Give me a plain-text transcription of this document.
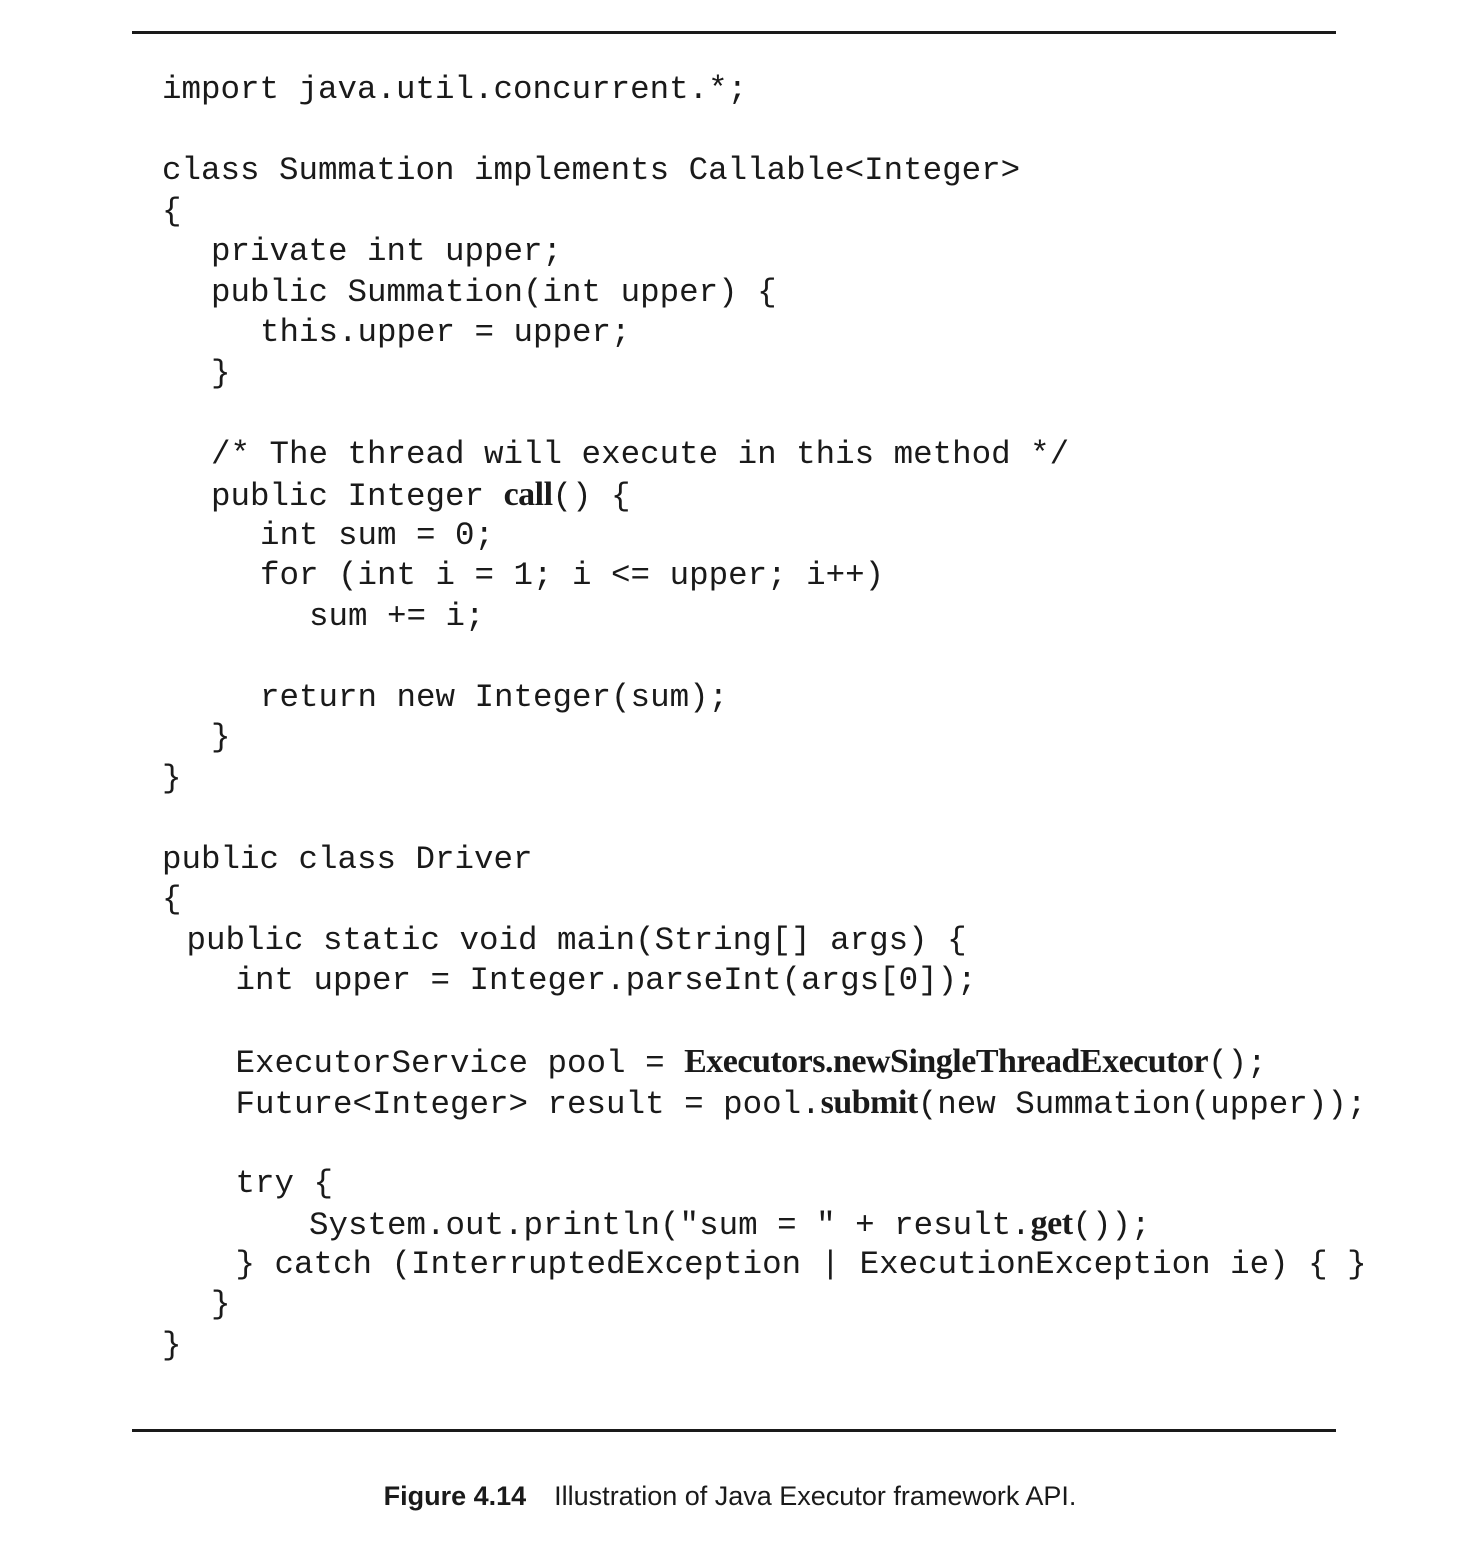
import java.util.concurrent.*;
class Summation implements Callable<Integer>
{
private int upper;
public Summation(int upper) {
this.upper = upper;
}
/* The thread will execute in this method */
public Integer call() {
int sum = 0;
for (int i = 1; i <= upper; i++)
sum += i;
return new Integer(sum);
}
}
public class Driver
{
public static void main(String[] args) {
int upper = Integer.parseInt(args[0]);
ExecutorService pool = Executors.newSingleThreadExecutor();
Future<Integer> result = pool.submit(new Summation(upper));
try {
System.out.println("sum = " + result.get());
} catch (InterruptedException | ExecutionException ie) { }
}
}
Figure 4.14 Illustration of Java Executor framework API.
